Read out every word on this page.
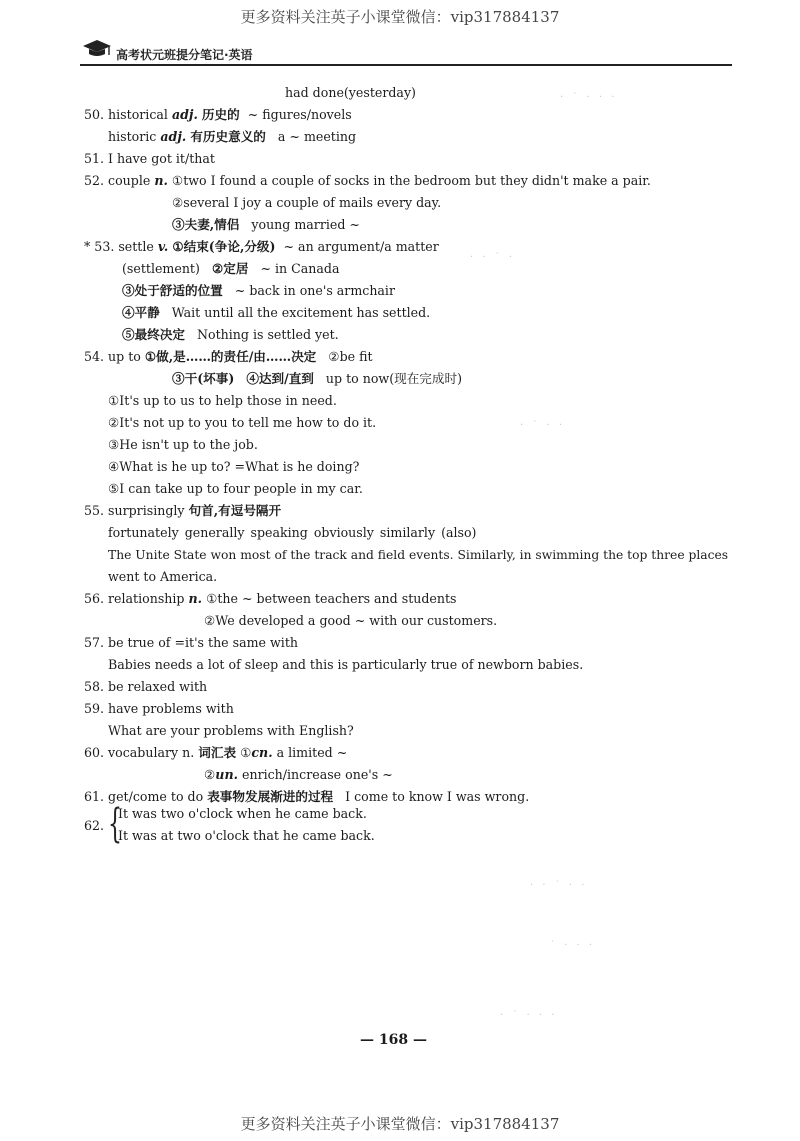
更多资料关注英子小课堂微信：vip317884137
高考状元班提分笔记·英语
had done(yesterday)
50. historical adj. 历史的 ~ figures/novels
historic adj. 有历史意义的 a ~ meeting
51. I have got it/that
52. couple n. ①two I found a couple of socks in the bedroom but they didn't make a pair.
②several I joy a couple of mails every day.
③夫妻,情侣 young married ~
* 53. settle v. ①结束(争论,分级) ~ an argument/a matter
(settlement) ②定居 ~ in Canada
③处于舒适的位置 ~ back in one's armchair
④平静 Wait until all the excitement has settled.
⑤最终决定 Nothing is settled yet.
54. up to ①做,是……的责任/由……决定 ②be fit
③干(坏事) ④达到/直到 up to now(现在完成时)
①It's up to us to help those in need.
②It's not up to you to tell me how to do it.
③He isn't up to the job.
④What is he up to? =What is he doing?
⑤I can take up to four people in my car.
55. surprisingly 句首,有逗号隔开
fortunately generally speaking obviously similarly (also)
The Unite State won most of the track and field events. Similarly, in swimming the top three places
went to America.
56. relationship n. ①the ~ between teachers and students
②We developed a good ~ with our customers.
57. be true of =it's the same with
Babies needs a lot of sleep and this is particularly true of newborn babies.
58. be relaxed with
59. have problems with
What are your problems with English?
60. vocabulary n. 词汇表 ①cn. a limited ~
②un. enrich/increase one's ~
61. get/come to do 表事物发展渐进的过程 I come to know I was wrong.
62. {
It was two o'clock when he came back.
It was at two o'clock that he came back.
· ˙ · · ·
· · ˙ ·
· ˙ · ·
· · ˙ · ·
˙ · · ·
· ˙ · · ·
— 168 —
更多资料关注英子小课堂微信：vip317884137
